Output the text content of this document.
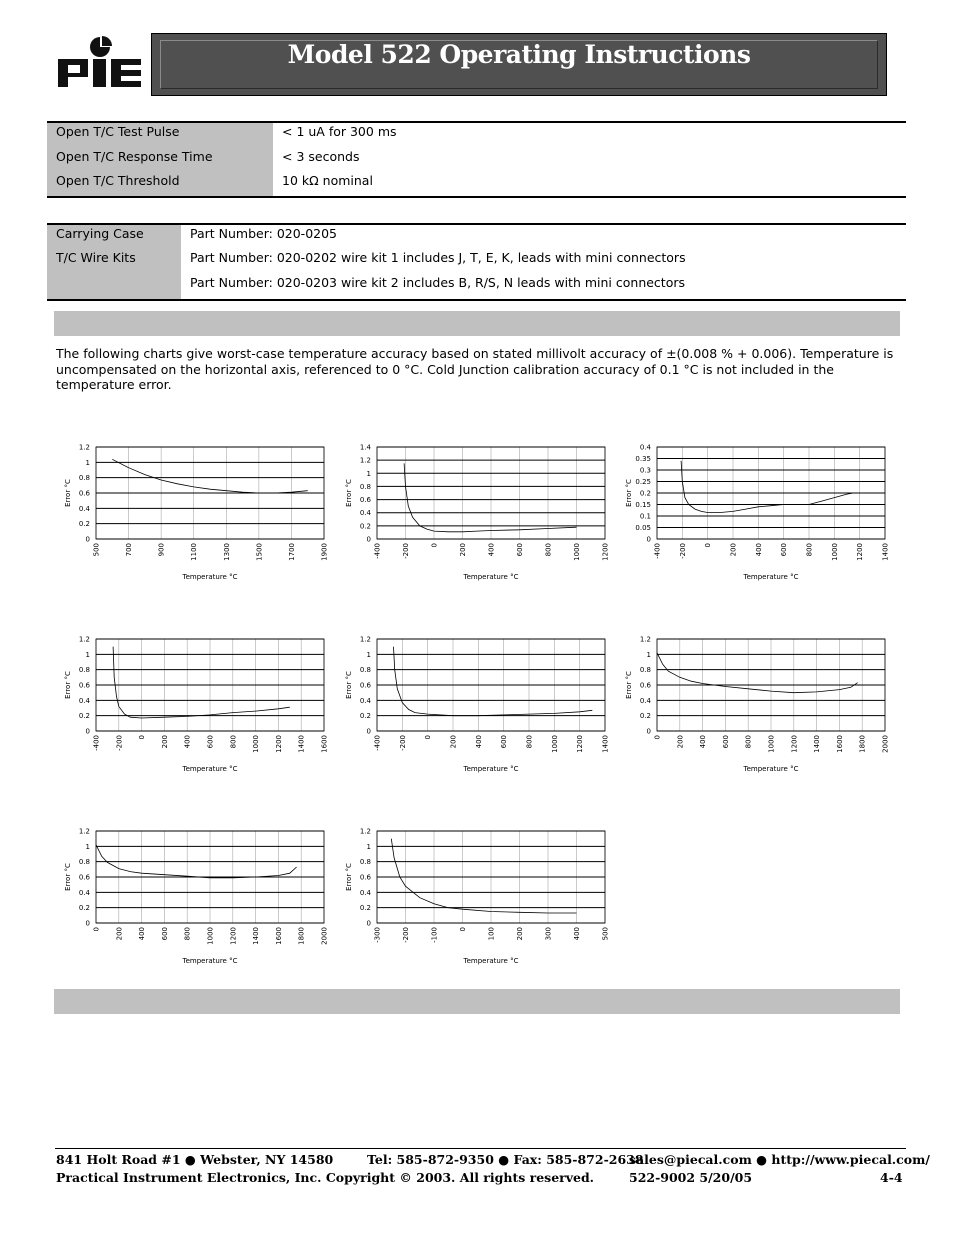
Model 522 Operating Instructions
Open T/C Test Pulse	< 1 uA for 300 ms
Open T/C Response Time	< 3 seconds
Open T/C Threshold	10 kΩ nominal
Carrying Case	Part Number: 020-0205
T/C Wire Kits	Part Number: 020-0202 wire kit 1 includes J, T, E, K, leads with mini connectors
Part Number: 020-0203 wire kit 2 includes B, R/S, N leads with mini connectors
The following charts give worst-case temperature accuracy based on stated millivolt accuracy of ±(0.008 % + 0.006). Temperature is uncompensated on the horizontal axis, referenced to 0 °C. Cold Junction calibration accuracy of 0.1 °C is not included in the temperature error.
0
0.2
0.4
0.6
0.8
1
1.2
500	700	900	1100	1300	1500	1700	1900
Temperature °C
Error °C
0
0.2
0.4
0.6
0.8
1
1.2
1.4
-400	-200	0	200	400	600	800	1000	1200
Temperature °C
Error °C
0
0.05
0.1
0.15
0.2
0.25
0.3
0.35
0.4
-400 -200 0 200 400 600 800 1000 1200 1400
Temperature °C
Error °C
0
0.2
0.4
0.6
0.8
1
1.2
-400 -200 0 200 400 600 800 1000 1200 1400 1600
Temperature °C
Error °C
0
0.2
0.4
0.6
0.8
1
1.2
-400 -200 0 200 400 600 800 1000 1200 1400
Temperature °C
Error °C
0
0.2
0.4
0.6
0.8
1
1.2
0 200 400 600 800 1000 1200 1400 1600 1800 2000
Temperature °C
Error °C
0
0.2
0.4
0.6
0.8
1
1.2
0 200 400 600 800 1000 1200 1400 1600 1800 2000
Temperature °C
Error °C
0
0.2
0.4
0.6
0.8
1
1.2
-300	-200	-100	0	100	200	300	400	500
Temperature °C
Error °C
841 Holt Road #1 ● Webster, NY 14580	Tel: 585-872-9350 ● Fax: 585-872-2638
sales@piecal.com ● http://www.piecal.com/
Practical Instrument Electronics, Inc. Copyright © 2003. All rights reserved.	522-9002 5/20/05	4-4
